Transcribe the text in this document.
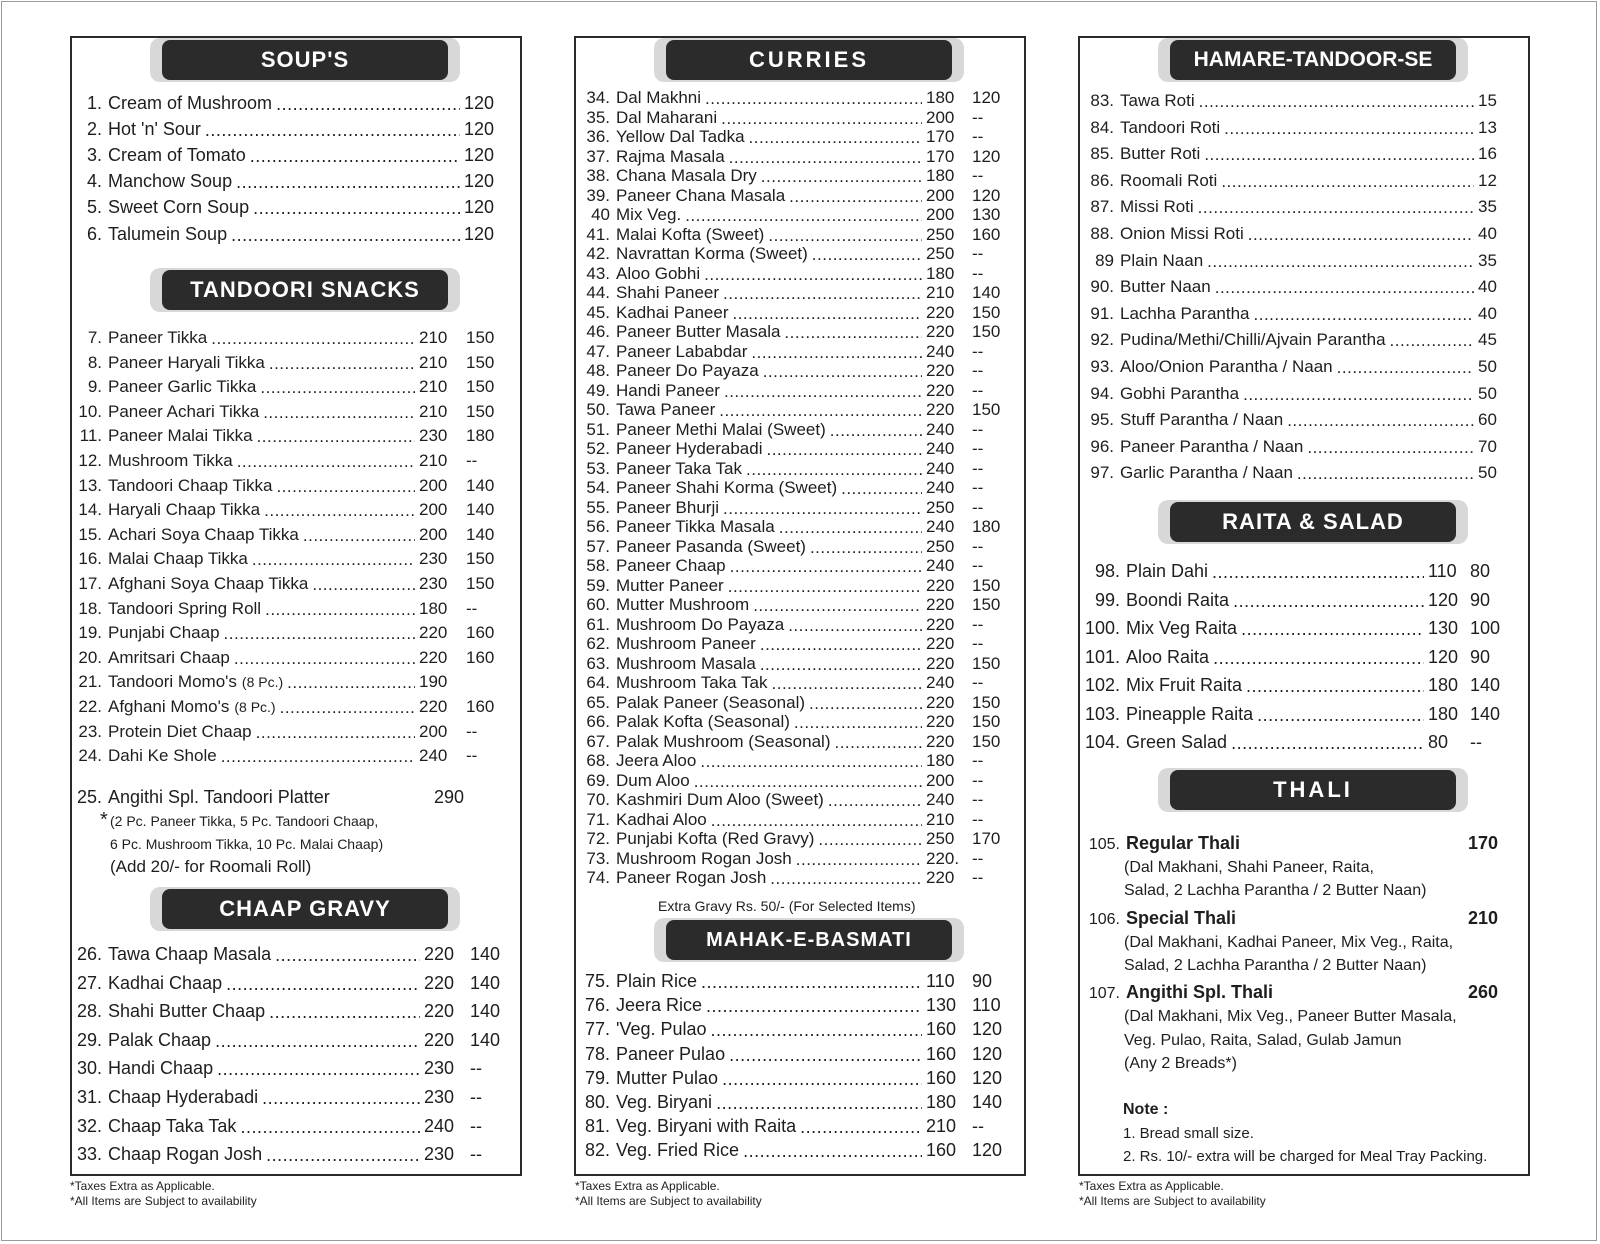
SOUP'S
1. Cream of Mushroom .....	120
2. Hot 'n' Sour .....	120
3. Cream of Tomato .....	120
4. Manchow Soup .....	120
5. Sweet Corn Soup .....	120
6. Talumein Soup .....	120
TANDOORI SNACKS
7. Paneer Tikka .....	210	150
8. Paneer Haryali Tikka .....	210	150
9. Paneer Garlic Tikka .....	210	150
10. Paneer Achari Tikka .....	210	150
11. Paneer Malai Tikka .....	230	180
12. Mushroom Tikka .....	210	--
13. Tandoori Chaap Tikka .....	200	140
14. Haryali Chaap Tikka .....	200	140
15. Achari Soya Chaap Tikka .....	200	140
16. Malai Chaap Tikka .....	230	150
17. Afghani Soya Chaap Tikka .....	230	150
18. Tandoori Spring Roll .....	180	--
19. Punjabi Chaap .....	220	160
20. Amritsari Chaap .....	220	160
21. Tandoori Momo's (8 Pc.) .....	190
22. Afghani Momo's (8 Pc.) .....	220	160
23. Protein Diet Chaap .....	200	--
24. Dahi Ke Shole .....	240	--
25. Angithi Spl. Tandoori Platter	290
* (2 Pc. Paneer Tikka, 5 Pc. Tandoori Chaap,
6 Pc. Mushroom Tikka, 10 Pc. Malai Chaap)
(Add 20/- for Roomali Roll)
CHAAP GRAVY
26. Tawa Chaap Masala .....	220 140
27. Kadhai Chaap .....	220 140
28. Shahi Butter Chaap .....	220 140
29. Palak Chaap .....	220 140
30. Handi Chaap .....	230 --
31. Chaap Hyderabadi .....	230 --
32. Chaap Taka Tak .....	240 --
33. Chaap Rogan Josh .....	230 --
*Taxes Extra as Applicable.
*All Items are Subject to availability
CURRIES
34. Dal Makhni .....	180	120
35. Dal Maharani .....	200	--
36. Yellow Dal Tadka .....	170	--
37. Rajma Masala .....	170	120
38. Chana Masala Dry .....	180	--
39. Paneer Chana Masala .....	200	120
40 Mix Veg. .....	200	130
41. Malai Kofta (Sweet) .....	250	160
42. Navrattan Korma (Sweet) .....	250	--
43. Aloo Gobhi .....	180	--
44. Shahi Paneer .....	210	140
45. Kadhai Paneer .....	220	150
46. Paneer Butter Masala .....	220	150
47. Paneer Lababdar .....	240	--
48. Paneer Do Payaza .....	220	--
49. Handi Paneer .....	220	--
50. Tawa Paneer .....	220	150
51. Paneer Methi Malai (Sweet) .....	240	--
52. Paneer Hyderabadi .....	240	--
53. Paneer Taka Tak .....	240	--
54. Paneer Shahi Korma (Sweet) .....	240	--
55. Paneer Bhurji .....	250	--
56. Paneer Tikka Masala .....	240	180
57. Paneer Pasanda (Sweet) .....	250	--
58. Paneer Chaap .....	240	--
59. Mutter Paneer .....	220	150
60. Mutter Mushroom .....	220	150
61. Mushroom Do Payaza .....	220	--
62. Mushroom Paneer .....	220	--
63. Mushroom Masala .....	220	150
64. Mushroom Taka Tak .....	240	--
65. Palak Paneer (Seasonal) .....	220	150
66. Palak Kofta (Seasonal) .....	220	150
67. Palak Mushroom (Seasonal) .....	220	150
68. Jeera Aloo .....	180	--
69. Dum Aloo .....	200	--
70. Kashmiri Dum Aloo (Sweet) .....	240	--
71. Kadhai Aloo .....	210	--
72. Punjabi Kofta (Red Gravy) .....	250	170
73. Mushroom Rogan Josh .....	220. --
74. Paneer Rogan Josh .....	220	--
Extra Gravy Rs. 50/- (For Selected Items)
MAHAK-E-BASMATI
75. Plain Rice .....	110 90
76. Jeera Rice .....	130 110
77. 'Veg. Pulao .....	160 120
78. Paneer Pulao .....	160 120
79. Mutter Pulao .....	160 120
80. Veg. Biryani .....	180 140
81. Veg. Biryani with Raita .....	210 --
82. Veg. Fried Rice .....	160 120
*Taxes Extra as Applicable.
*All Items are Subject to availability
HAMARE-TANDOOR-SE
83. Tawa Roti .....	15
84. Tandoori Roti .....	13
85. Butter Roti .....	16
86. Roomali Roti .....	12
87. Missi Roti .....	35
88. Onion Missi Roti .....	40
89 Plain Naan .....	35
90. Butter Naan .....	40
91. Lachha Parantha .....	40
92. Pudina/Methi/Chilli/Ajvain Parantha .....	45
93. Aloo/Onion Parantha / Naan .....	50
94. Gobhi Parantha .....	50
95. Stuff Parantha / Naan .....	60
96. Paneer Parantha / Naan .....	70
97. Garlic Parantha / Naan .....	50
RAITA & SALAD
98. Plain Dahi .....	110 80
99. Boondi Raita .....	120 90
100. Mix Veg Raita .....	130 100
101. Aloo Raita .....	120 90
102. Mix Fruit Raita .....	180 140
103. Pineapple Raita .....	180 140
104. Green Salad .....	80	--
THALI
105. Regular Thali	170
(Dal Makhani, Shahi Paneer, Raita,
Salad, 2 Lachha Parantha / 2 Butter Naan)
106. Special Thali	210
(Dal Makhani, Kadhai Paneer, Mix Veg., Raita,
Salad, 2 Lachha Parantha / 2 Butter Naan)
107. Angithi Spl. Thali	260
(Dal Makhani, Mix Veg., Paneer Butter Masala,
Veg. Pulao, Raita, Salad, Gulab Jamun
(Any 2 Breads*)
Note :
1. Bread small size.
2. Rs. 10/- extra will be charged for Meal Tray Packing.
*Taxes Extra as Applicable.
*All Items are Subject to availability
